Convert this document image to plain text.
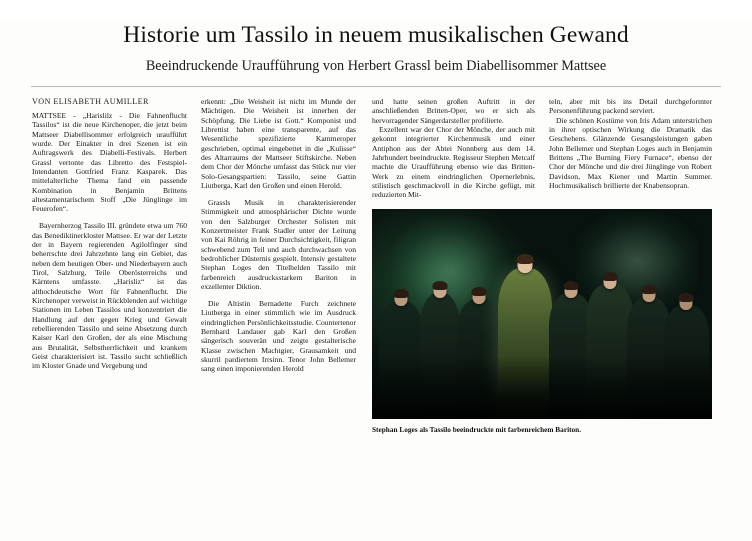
Historie um Tassilo in neuem musikalischen Gewand
Beeindruckende Uraufführung von Herbert Grassl beim Diabellisommer Mattsee
VON ELISABETH AUMILLER

MATTSEE - „Harislilz - Die Fahnenflucht Tassilos“ ist die neue Kirchenoper, die jetzt beim Mattseer Diabellisommer erfolgreich uraufführt wurde. Der Einakter in drei Szenen ist ein Auftragswerk des Diabelli-Festivals. Herbert Grassl vertonte das Libretto des Festspiel-Intendanten Gottfried Franz Kasparek. Das mittelalterliche Thema fand ein passende Kombination in Benjamin Brittens altestamentarischem Stoff „Die Jünglinge im Feuerofen“.

Bayernherzog Tassilo III. gründete etwa um 760 das Benediktinerkloster Mattsee. Er war der Letzte der in Bayern regierenden Agilolfinger sind beherrschte drei Jahrzehnte lang ein Gebiet, das neben dem heutigen Ober- und Niederbayern auch Tirol, Salzburg, Teile Oberösterreichs und Kärntens umfasste. „Harisliz“ ist das althochdeutsche Wort für Fahnenflucht. Die Kirchenoper verweist in Rückblenden auf wichtige Stationen im Leben Tassilos und konzentriert die Handlung auf den gegen Krieg und Gewalt rebellierenden Tassilo und seine Absetzung durch Kaiser Karl den Großen, der als eine Mischung aus Brutalität, Selbstherrlichkeit und krankem Geist charakterisiert ist. Tassilo sucht schließlich im Kloster Gnade und Vergebung und

erkennt: „Die Weisheit ist nicht im Munde der Mächtigen. Die Weisheit ist innerhen der Schöpfung. Die Liebe ist Gott.“ Komponist und Librettist haben eine transparente, auf das Wesentliche spezifizierte Kammeroper geschrieben, optimal eingebettet in die „Kulisse“ des Altarraums der Mattseer Stiftskirche. Neben dem Chor der Mönche umfasst das Stück nur vier Solo-Gesangspartien: Tassilo, seine Gattin Liutberga, Karl den Großen und einen Herold.

Grassls Musik in charakterisierender Stimmigkeit und atmosphärischer Dichte wurde von den Salzburger Orchester Solisten mit Konzertmeister Frank Stadler unter der Leitung von Kai Röhrig in feiner Durchsichtigkeit, filigran schwebend zum Teil und auch durchwachsen von bedrohlicher Düsternis gespielt. Intensiv gestaltete Stephan Loges den Titelhelden Tassilo mit farbenreich ausdrucksstarkem Bariton in exzellenter Diktion.

Die Altistin Bernadette Furch zeichnete Liutberga in einer stimmlich wie im Ausdruck eindringlichen Persönlichkeitsstudie. Countertenor Bernhard Landauer gab Karl den Großen sängerisch souverän und zeigte gestalterische Klasse zwischen Machtgier, Grausamkeit und skurril pardiertem Irrsinn. Tenor John Bellemer sang einen imponierenden Herold

und hatte seinen großen Auftritt in der anschließenden Britten-Oper, wo er sich als hervorragender Sängerdarsteller profilierte.

Exzellent war der Chor der Mönche, der auch mit gekonnt integrierter Kirchenmusik und einer Antiphon aus der Abtei Nonnberg aus dem 14. Jahrhundert beeindruckte. Regisseur Stephen Metcalf machte die Uraufführung ebenso wie das Britten-Werk zu einem eindringlichen Opernerlebnis, stilistisch geschmackvoll in die Kirche gefügt, mit reduzierten Mit-

teln, aber mit bis ins Detail durchgeformter Personenführung packend serviert.

Die schönen Kostüme von Iris Adam unterstrichen in ihrer optischen Wirkung die Dramatik das Geschehens. Glänzende Gesangsleistungen gaben John Bellemer und Stephan Loges auch in Benjamin Brittens „The Burning Fiery Furnace“, ebenso der Chor der Mönche und die drei Jünglinge von Robert Davidson, Max Kiener und Martin Summer. Hochmusikalisch brillierte der Knabensopran.

Stephan Loges als Tassilo beeindruckte mit farbenreichem Bariton.
